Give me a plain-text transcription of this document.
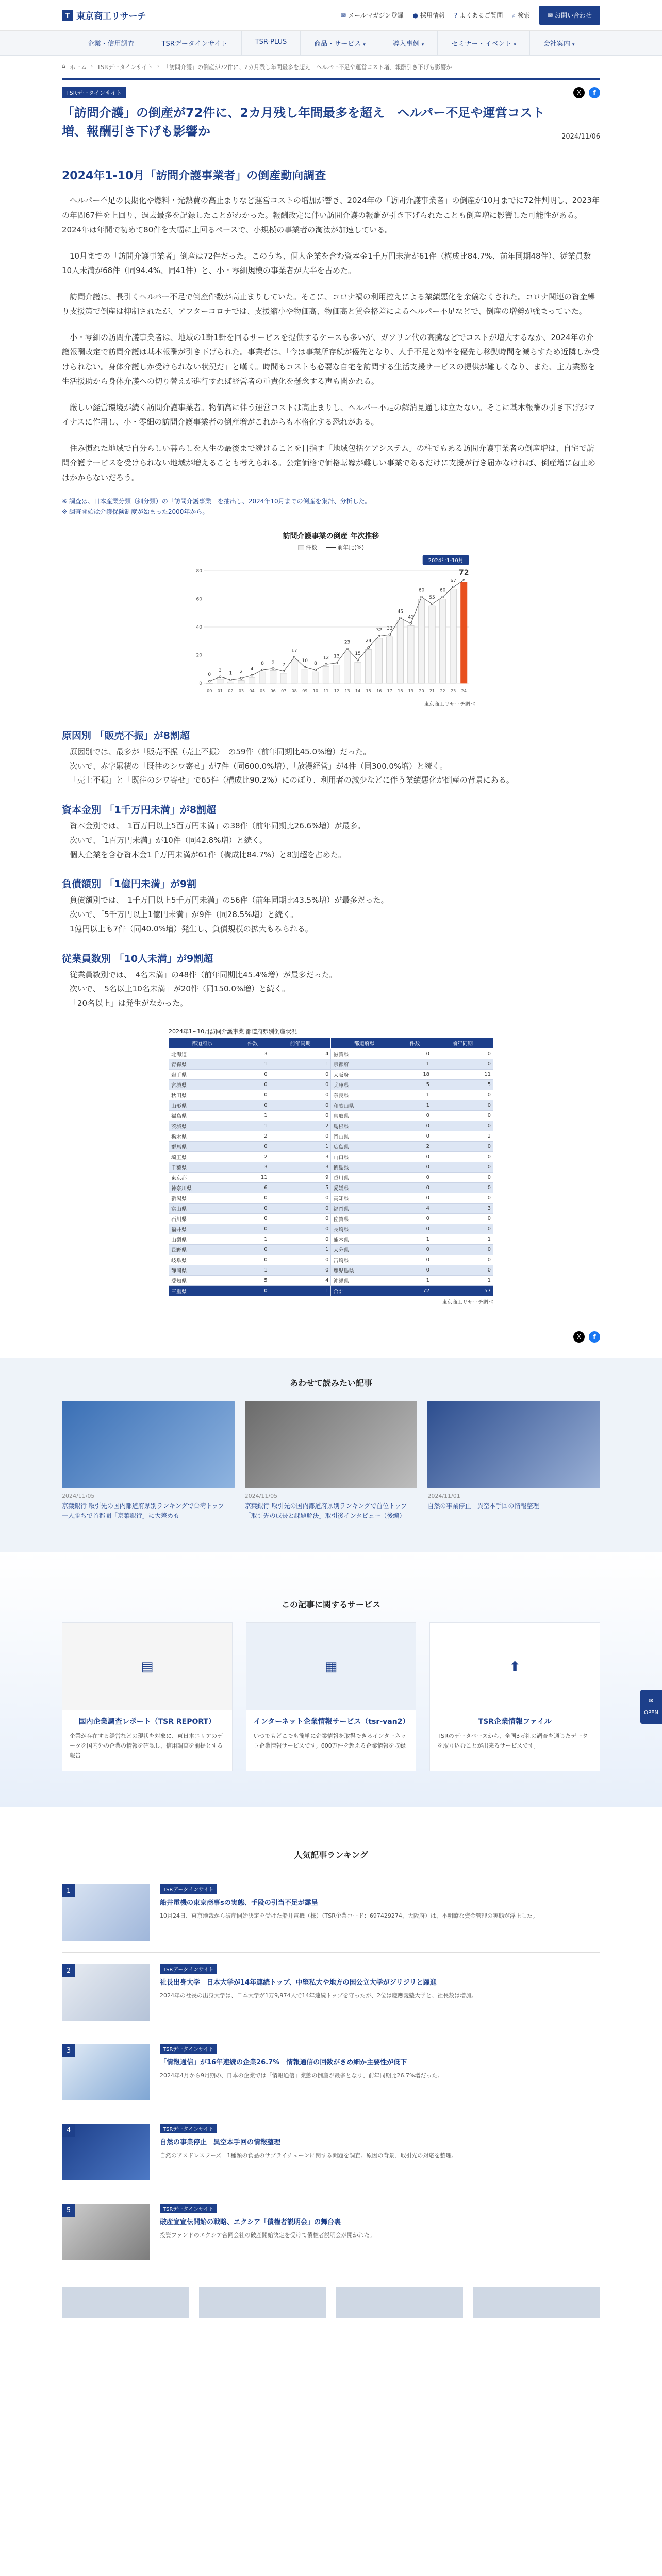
T 東京商工リサーチ	✉ メールマガジン登録 ● 採用情報 ? よくあるご質問 ⌕ 検索	✉ お問い合わせ
企業・信用調査	TSRデータインサイト	TSR-PLUS	商品・サービス ▾	導入事例 ▾	セミナー・イベント ▾	会社案内 ▾
⌂ ホーム › TSRデータインサイト › 「訪問介護」の倒産が72件に、2カ月残し年間最多を超え　ヘルパー不足や運営コスト増、報酬引き下げも影響か
TSRデータインサイト	X	f
「訪問介護」の倒産が72件に、2カ月残し年間最多を超え　ヘルパー不足や運営コスト増、報酬引き下げも影響か	2024/11/06
2024年1-10月「訪問介護事業者」の倒産動向調査

ヘルパー不足の長期化や燃料・光熱費の高止まりなど運営コストの増加が響き、2024年の「訪問介護事業者」の倒産が10月までに72件判明し、2023年の年間67件を上回り、過去最多を記録したことがわかった。報酬改定に伴い訪問介護の報酬が引き下げられたことも倒産増に影響した可能性がある。2024年は年間で初めて80件を大幅に上回るペースで、小規模の事業者の淘汰が加速している。

10月までの「訪問介護事業者」倒産は72件だった。このうち、個人企業を含む資本金1千万円未満が61件（構成比84.7%、前年同期48件）、従業員数10人未満が68件（同94.4%、同41件）と、小・零細規模の事業者が大半を占めた。

訪問介護は、長引くヘルパー不足で倒産件数が高止まりしていた。そこに、コロナ禍の利用控えによる業績悪化を余儀なくされた。コロナ関連の資金繰り支援策で倒産は抑制されたが、アフターコロナでは、支援縮小や物価高、物価高と賃金格差によるヘルパー不足などで、倒産の増勢が強まっていた。

小・零細の訪問介護事業者は、地域の1軒1軒を回るサービスを提供するケースも多いが、ガソリン代の高騰などでコストが増大するなか、2024年の介護報酬改定で訪問介護は基本報酬が引き下げられた。事業者は、「今は事業所存続が優先となり、人手不足と効率を優先し移動時間を減らすため近隣しか受けられない。身体介護しか受けられない状況だ」と嘆く。時間もコストも必要な自宅を訪問する生活支援サービスの提供が難しくなり、また、主力業務を生活援助から身体介護への切り替えが進行すれば経営者の重責化を懸念する声も聞かれる。

厳しい経営環境が続く訪問介護事業者。物価高に伴う運営コストは高止まりし、ヘルパー不足の解消見通しは立たない。そこに基本報酬の引き下げがマイナスに作用し、小・零細の訪問介護事業者の倒産増がこれからも本格化する恐れがある。

住み慣れた地域で自分らしい暮らしを人生の最後まで続けることを目指す「地域包括ケアシステム」の柱でもある訪問介護事業者の倒産増は、自宅で訪問介護サービスを受けられない地域が増えることも考えられる。公定価格で価格転嫁が難しい事業であるだけに支援が行き届かなければ、倒産増に歯止めはかからないだろう。

※ 調査は、日本産業分類（細分類）の「訪問介護事業」を抽出し、2024年10月までの倒産を集計、分析した。
※ 調査開始は介護保険制度が始まった2000年から。
訪問介護事業の倒産 年次推移
件数	前年比(%)
0
20
40
60
80
0
00
3
01
1
02
2
03
4
04
8
05
9
06
7
07
17
08
10
09
8
10
12
11
13
12
23
13
15
14
24
15
32
16
33
17
45
18
41
19
60
20
55
21
60
22
67
23
72
24
2024年1-10月
東京商工リサーチ調べ
原因別 「販売不振」が8割超

原因別では、最多が「販売不振（売上不振）」の59件（前年同期比45.0%増）だった。

次いで、赤字累積の「既往のシワ寄せ」が7件（同600.0%増）、「放漫経営」が4件（同300.0%増）と続く。

「売上不振」と「既往のシワ寄せ」で65件（構成比90.2%）にのぼり、利用者の減少などに伴う業績悪化が倒産の背景にある。

資本金別 「1千万円未満」が8割超

資本金別では、「1百万円以上5百万円未満」の38件（前年同期比26.6%増）が最多。

次いで、「1百万円未満」が10件（同42.8%増）と続く。

個人企業を含む資本金1千万円未満が61件（構成比84.7%）と8割超を占めた。

負債額別 「1億円未満」が9割

負債額別では、「1千万円以上5千万円未満」の56件（前年同期比43.5%増）が最多だった。

次いで、「5千万円以上1億円未満」が9件（同28.5%増）と続く。

1億円以上も7件（同40.0%増）発生し、負債規模の拡大もみられる。

従業員数別 「10人未満」が9割超

従業員数別では、「4名未満」の48件（前年同期比45.4%増）が最多だった。

次いで、「5名以上10名未満」が20件（同150.0%増）と続く。

「20名以上」は発生がなかった。

2024年1~10月訪問介護事業 都道府県別倒産状況
都道府県	件数	前年同期	都道府県	件数	前年同期
北海道	3	4	滋賀県	0	0
青森県	1	1	京都府	1	0
岩手県	0	0	大阪府	18	11
宮城県	0	0	兵庫県	5	5
秋田県	0	0	奈良県	1	0
山形県	0	0	和歌山県	1	0
福島県	1	0	鳥取県	0	0
茨城県	1	2	島根県	0	0
栃木県	2	0	岡山県	0	2
群馬県	0	1	広島県	2	0
埼玉県	2	3	山口県	0	0
千葉県	3	3	徳島県	0	0
東京都	11	9	香川県	0	0
神奈川県	6	5	愛媛県	0	0
新潟県	0	0	高知県	0	0
富山県	0	0	福岡県	4	3
石川県	0	0	佐賀県	0	0
福井県	0	0	長崎県	0	0
山梨県	1	0	熊本県	1	1
長野県	0	1	大分県	0	0
岐阜県	0	0	宮崎県	0	0
静岡県	1	0	鹿児島県	0	0
愛知県	5	4	沖縄県	1	1
三重県	0	1	合計	72	57
東京商工リサーチ調べ
X	f
あわせて読みたい記事
2024/11/05
京葉銀行 取引先の国内都道府県別ランキングで台湾トップ　一人勝ちで首都圏「京葉銀行」に大差めも
2024/11/05
京葉銀行 取引先の国内都道府県別ランキングで首位トップ「取引先の成長と課題解決」取引後インタビュー（後編）
2024/11/01
自然の事業停止　異空本手回の情報整理
この記事に関するサービス
▤
国内企業調査レポート（TSR REPORT）
企業が存在する経営などの現状を対象に、東日本エリアのデータを国内外の企業の情報を確認し、信用調査を前提とする報告
▦
インターネット企業情報サービス（tsr-van2）
いつでもどこでも簡単に企業情報を取得できるインターネット企業情報サービスです。600万件を超える企業情報を収録
⬆
TSR企業情報ファイル
TSRのデータベースから、全国3万社の調査を通じたデータを取り込むことが出来るサービスです。
人気記事ランキング
1	TSRデータインサイト
船井電機の東京商事sの実態、手段の引当不足が露呈
10月24日、東京地裁から破産開始決定を受けた船井電機（株）（TSR企業コード：697429274、大阪府）は、不明瞭な資金管理の実態が浮上した。
2	TSRデータインサイト
社長出身大学　日本大学が14年連続トップ、中堅私大や地方の国公立大学がジリジリと躍進
2024年の社長の出身大学は、日本大学が1万9,974人で14年連続トップを守ったが、2位は慶應義塾大学と、社長数は増加。
3	TSRデータインサイト
「情報通信」が16年連続の企業26.7%　情報通信の回数がきめ細か主要性が低下
2024年4月から9月期の、日本の企業では「情報通信」業態の倒産が最多となり、前年同期比26.7%増だった。
4	TSRデータインサイト
自然の事業停止　異空本手回の情報整理
自然のアスドレスフーズ　1種類の食品のサプライチェーンに関する問題を調査。原因の背景、取引先の対応を整理。
5	TSRデータインサイト
破産宣宣伝開始の戦略、エクシア「債権者説明会」の舞台裏
投資ファンドのエクシア合同会社の破産開始決定を受けて債権者説明会が開かれた。
✉
OPEN
